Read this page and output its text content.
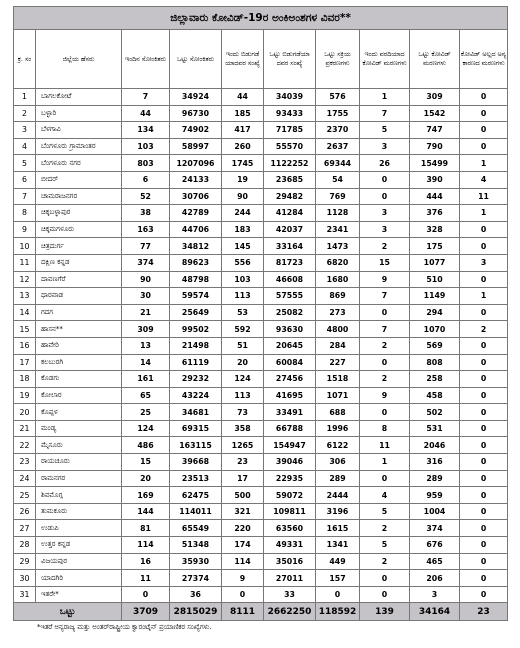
ಜಿಲ್ಲಾವಾರು ಕೋವಿಡ್-19ರ ಅಂಕಿಅಂಶಗಳ ವಿವರ**									
ಕ್ರ. ಸಂ	ಜಿಲ್ಲೆಯ ಹೆಸರು	ಇಂದಿನ ಸೋಂಕಿತರು	ಒಟ್ಟು ಸೋಂಕಿತರು	ಇಂದು ಬಿಡುಗಡೆ ಯಾದವರ ಸಂಖ್ಯೆ	ಒಟ್ಟು ಬಿಡುಗಡೆಯಾ ದವರ ಸಂಖ್ಯೆ	ಒಟ್ಟು ಸಕ್ರಿಯ ಪ್ರಕರಣಗಳು	ಇಂದು ವರದಿಯಾದ ಕೋವಿಡ್ ಮರಣಗಳು	ಒಟ್ಟು ಕೋವಿಡ್ ಮರಣಗಳು	ಕೋವಿಡ್ ಅಲ್ಲದ ಅನ್ಯ ಕಾರಣದ ಮರಣಗಳು
1	ಬಾಗಲಕೋಟೆ	7	34924	44	34039	576	1	309	0
2	ಬಳ್ಳಾರಿ	44	96730	185	93433	1755	7	1542	0
3	ಬೆಳಗಾವಿ	134	74902	417	71785	2370	5	747	0
4	ಬೆಂಗಳೂರು ಗ್ರಾಮಾಂತರ	103	58997	260	55570	2637	3	790	0
5	ಬೆಂಗಳೂರು ನಗರ	803	1207096	1745	1122252	69344	26	15499	1
6	ಬೀದರ್	6	24133	19	23685	54	0	390	4
7	ಚಾಮರಾಜನಗರ	52	30706	90	29482	769	0	444	11
8	ಚಿಕ್ಕಬಳ್ಳಾಪುರ	38	42789	244	41284	1128	3	376	1
9	ಚಿಕ್ಕಮಗಳೂರು	163	44706	183	42037	2341	3	328	0
10	ಚಿತ್ರದುರ್ಗ	77	34812	145	33164	1473	2	175	0
11	ದಕ್ಷಿಣ ಕನ್ನಡ	374	89623	556	81723	6820	15	1077	3
12	ದಾವಣಗೆರೆ	90	48798	103	46608	1680	9	510	0
13	ಧಾರವಾಡ	30	59574	113	57555	869	7	1149	1
14	ಗದಗ	21	25649	53	25082	273	0	294	0
15	ಹಾಸನ**	309	99502	592	93630	4800	7	1070	2
16	ಹಾವೇರಿ	13	21498	51	20645	284	2	569	0
17	ಕಲಬುರಗಿ	14	61119	20	60084	227	0	808	0
18	ಕೊಡಗು	161	29232	124	27456	1518	2	258	0
19	ಕೋಲಾರ	65	43224	113	41695	1071	9	458	0
20	ಕೊಪ್ಪಳ	25	34681	73	33491	688	0	502	0
21	ಮಂಡ್ಯ	124	69315	358	66788	1996	8	531	0
22	ಮೈಸೂರು	486	163115	1265	154947	6122	11	2046	0
23	ರಾಯಚೂರು	15	39668	23	39046	306	1	316	0
24	ರಾಮನಗರ	20	23513	17	22935	289	0	289	0
25	ಶಿವಮೊಗ್ಗ	169	62475	500	59072	2444	4	959	0
26	ತುಮಕೂರು	144	114011	321	109811	3196	5	1004	0
27	ಉಡುಪಿ	81	65549	220	63560	1615	2	374	0
28	ಉತ್ತರ ಕನ್ನಡ	114	51348	174	49331	1341	5	676	0
29	ವಿಜಯಪುರ	16	35930	114	35016	449	2	465	0
30	ಯಾದಗಿರಿ	11	27374	9	27011	157	0	206	0
31	ಇತರೇ*	0	36	0	33	0	0	3	0
ಒಟ್ಟು		3709	2815029	8111	2662250	118592	139	34164	23
*ಇತರೆ ಅನ್ಯರಾಜ್ಯ ಮತ್ತು ಅಂತರ್‌ರಾಷ್ಟ್ರೀಯ ಕ್ವಾರಂಟೈನ್ ಪ್ರಯಾಣಿಕರ ಸಂಖ್ಯೆಗಳು.
